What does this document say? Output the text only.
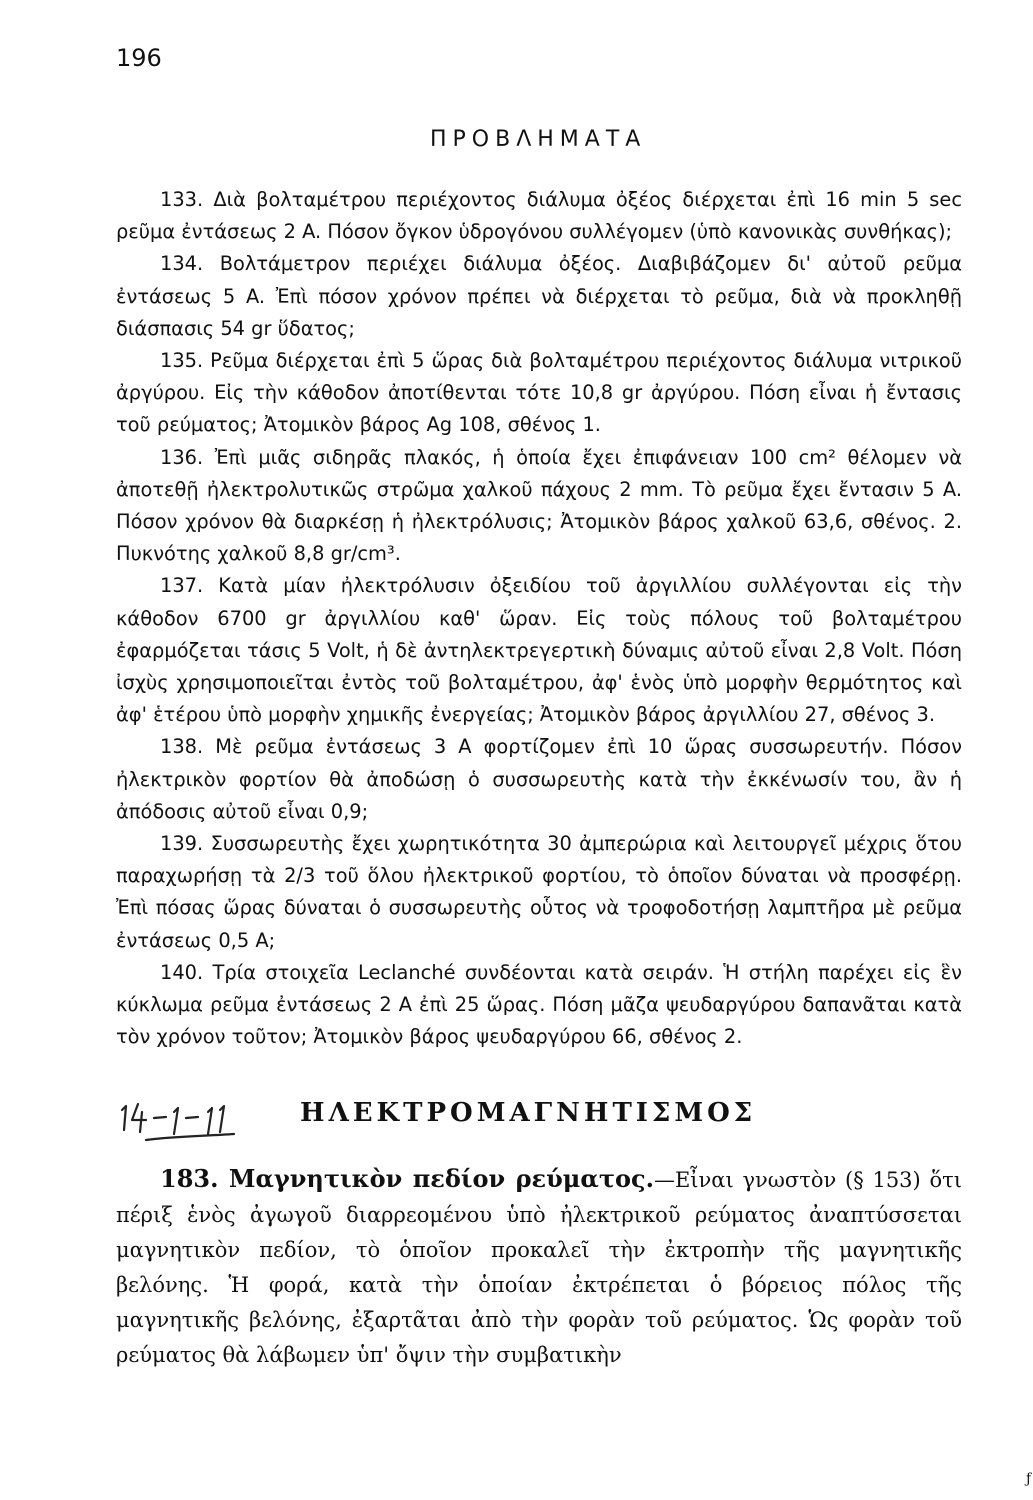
196
ΠΡΟΒΛΗΜΑΤΑ

133. Διὰ βολταμέτρου περιέχοντος διάλυμα ὀξέος διέρχεται ἐπὶ 16 min 5 sec ρεῦμα ἐντάσεως 2 A. Πόσον ὄγκον ὑδρογόνου συλλέγομεν (ὑπὸ κανονικὰς συνθήκας);

134. Βολτάμετρον περιέχει διάλυμα ὀξέος. Διαβιβάζομεν δι' αὐτοῦ ρεῦμα ἐντάσεως 5 A. Ἐπὶ πόσον χρόνον πρέπει νὰ διέρχεται τὸ ρεῦμα, διὰ νὰ προκληθῇ διάσπασις 54 gr ὕδατος;

135. Ρεῦμα διέρχεται ἐπὶ 5 ὥρας διὰ βολταμέτρου περιέχοντος διάλυμα νιτρικοῦ ἀργύρου. Εἰς τὴν κάθοδον ἀποτίθενται τότε 10,8 gr ἀργύρου. Πόση εἶναι ἡ ἔντασις τοῦ ρεύματος; Ἀτομικὸν βάρος Ag 108, σθένος 1.

136. Ἐπὶ μιᾶς σιδηρᾶς πλακός, ἡ ὁποία ἔχει ἐπιφάνειαν 100 cm² θέλομεν νὰ ἀποτεθῇ ἠλεκτρολυτικῶς στρῶμα χαλκοῦ πάχους 2 mm. Τὸ ρεῦμα ἔχει ἔντασιν 5 A. Πόσον χρόνον θὰ διαρκέσῃ ἡ ἠλεκτρόλυσις; Ἀτομικὸν βάρος χαλκοῦ 63,6, σθένος. 2. Πυκνότης χαλκοῦ 8,8 gr/cm³.

137. Κατὰ μίαν ἠλεκτρόλυσιν ὀξειδίου τοῦ ἀργιλλίου συλλέγονται εἰς τὴν κάθοδον 6700 gr ἀργιλλίου καθ' ὥραν. Εἰς τοὺς πόλους τοῦ βολταμέτρου ἐφαρμόζεται τάσις 5 Volt, ἡ δὲ ἀντηλεκτρεγερτικὴ δύναμις αὐτοῦ εἶναι 2,8 Volt. Πόση ἰσχὺς χρησιμοποιεῖται ἐντὸς τοῦ βολταμέτρου, ἀφ' ἑνὸς ὑπὸ μορφὴν θερμότητος καὶ ἀφ' ἑτέρου ὑπὸ μορφὴν χημικῆς ἐνεργείας; Ἀτομικὸν βάρος ἀργιλλίου 27, σθένος 3.

138. Μὲ ρεῦμα ἐντάσεως 3 A φορτίζομεν ἐπὶ 10 ὥρας συσσωρευτήν. Πόσον ἠλεκτρικὸν φορτίον θὰ ἀποδώσῃ ὁ συσσωρευτὴς κατὰ τὴν ἐκκένωσίν του, ἂν ἡ ἀπόδοσις αὐτοῦ εἶναι 0,9;

139. Συσσωρευτὴς ἔχει χωρητικότητα 30 ἀμπερώρια καὶ λειτουργεῖ μέχρις ὅτου παραχωρήσῃ τὰ 2/3 τοῦ ὅλου ἠλεκτρικοῦ φορτίου, τὸ ὁποῖον δύναται νὰ προσφέρῃ. Ἐπὶ πόσας ὥρας δύναται ὁ συσσωρευτὴς οὗτος νὰ τροφοδοτήσῃ λαμπτῆρα μὲ ρεῦμα ἐντάσεως 0,5 A;

140. Τρία στοιχεῖα Leclanché συνδέονται κατὰ σειράν. Ἡ στήλη παρέχει εἰς ἓν κύκλωμα ρεῦμα ἐντάσεως 2 A ἐπὶ 25 ὥρας. Πόση μᾶζα ψευδαργύρου δαπανᾶται κατὰ τὸν χρόνον τοῦτον; Ἀτομικὸν βάρος ψευδαργύρου 66, σθένος 2.

ΗΛΕΚΤΡΟΜΑΓΝΗΤΙΣΜΟΣ
183. Μαγνητικὸν πεδίον ρεύματος.—Εἶναι γνωστὸν (§ 153) ὅτι πέριξ ἑνὸς ἀγωγοῦ διαρρεομένου ὑπὸ ἠλεκτρικοῦ ρεύματος ἀναπτύσσεται μαγνητικὸν πεδίον, τὸ ὁποῖον προκαλεῖ τὴν ἐκτροπὴν τῆς μαγνητικῆς βελόνης. Ἡ φορά, κατὰ τὴν ὁποίαν ἐκτρέπεται ὁ βόρειος πόλος τῆς μαγνητικῆς βελόνης, ἐξαρτᾶται ἀπὸ τὴν φορὰν τοῦ ρεύματος. Ὡς φορὰν τοῦ ρεύματος θὰ λάβωμεν ὑπ' ὄψιν τὴν συμβατικὴν
ƒ
